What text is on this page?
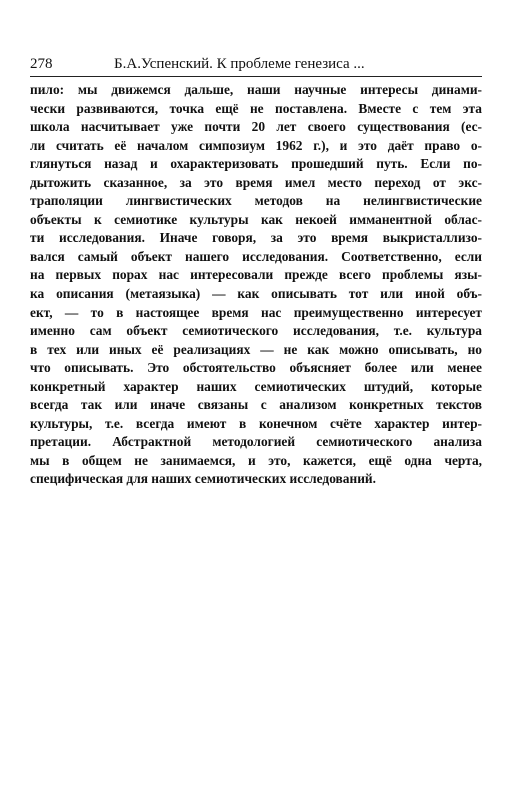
278	Б.А.Успенский. К проблеме генезиса ...
пило: мы движемся дальше, наши научные интересы динами-
чески развиваются, точка ещё не поставлена. Вместе с тем эта
школа насчитывает уже почти 20 лет своего существования (ес-
ли считать её началом симпозиум 1962 г.), и это даёт право о-
глянуться назад и охарактеризовать прошедший путь. Если по-
дытожить сказанное, за это время имел место переход от экс-
траполяции лингвистических методов на нелингвистические
объекты к семиотике культуры как некоей имманентной облас-
ти исследования. Иначе говоря, за это время выкристаллизо-
вался самый объект нашего исследования. Соответственно, если
на первых порах нас интересовали прежде всего проблемы язы-
ка описания (метаязыка) — как описывать тот или иной объ-
ект, — то в настоящее время нас преимущественно интересует
именно сам объект семиотического исследования, т.е. культура
в тех или иных её реализациях — не как можно описывать, но
что описывать. Это обстоятельство объясняет более или менее
конкретный характер наших семиотических штудий, которые
всегда так или иначе связаны с анализом конкретных текстов
культуры, т.е. всегда имеют в конечном счёте характер интер-
претации. Абстрактной методологией семиотического анализа
мы в общем не занимаемся, и это, кажется, ещё одна черта,
специфическая для наших семиотических исследований.
